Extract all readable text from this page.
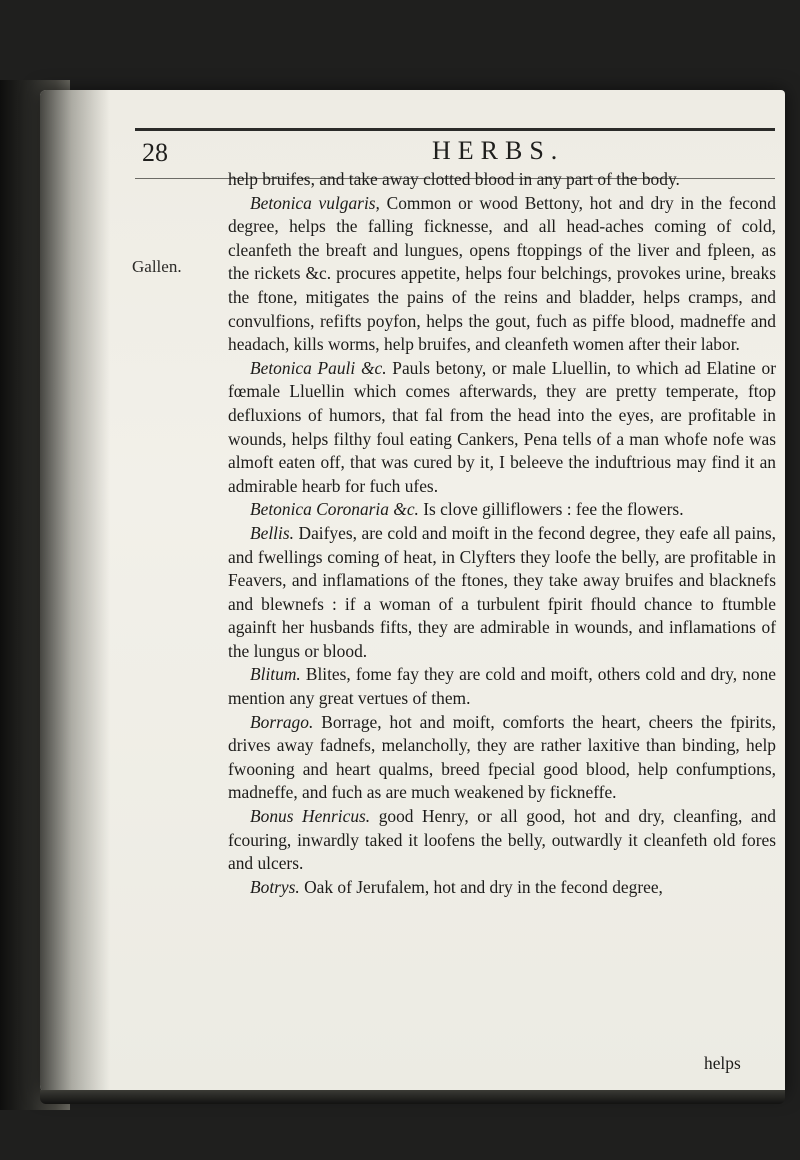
28	HERBS.
Gallen.

help bruifes, and take away clotted blood in any part of the body.

Betonica vulgaris, Common or wood Bettony, hot and dry in the fecond degree, helps the falling ficknesse, and all head-aches coming of cold, cleanfeth the breaft and lungues, opens ftoppings of the liver and fpleen, as the rickets &c. procures appetite, helps four belchings, provokes urine, breaks the ftone, mitigates the pains of the reins and bladder, helps cramps, and convulfions, refifts poyfon, helps the gout, fuch as piffe blood, madneffe and headach, kills worms, help bruifes, and cleanfeth women after their labor.

Betonica Pauli &c. Pauls betony, or male Lluellin, to which ad Elatine or fœmale Lluellin which comes afterwards, they are pretty temperate, ftop defluxions of humors, that fal from the head into the eyes, are profitable in wounds, helps filthy foul eating Cankers, Pena tells of a man whofe nofe was almoft eaten off, that was cured by it, I beleeve the induftrious may find it an admirable hearb for fuch ufes.

Betonica Coronaria &c. Is clove gilliflowers : fee the flowers.

Bellis. Daifyes, are cold and moift in the fecond degree, they eafe all pains, and fwellings coming of heat, in Clyfters they loofe the belly, are profitable in Feavers, and inflamations of the ftones, they take away bruifes and blacknefs and blewnefs : if a woman of a turbulent fpirit fhould chance to ftumble againft her husbands fifts, they are admirable in wounds, and inflamations of the lungus or blood.

Blitum. Blites, fome fay they are cold and moift, others cold and dry, none mention any great vertues of them.

Borrago. Borrage, hot and moift, comforts the heart, cheers the fpirits, drives away fadnefs, melancholly, they are rather laxitive than binding, help fwooning and heart qualms, breed fpecial good blood, help confumptions, madneffe, and fuch as are much weakened by fickneffe.

Bonus Henricus. good Henry, or all good, hot and dry, cleanfing, and fcouring, inwardly taked it loofens the belly, outwardly it cleanfeth old fores and ulcers.

Botrys. Oak of Jerufalem, hot and dry in the fecond degree,

helps
